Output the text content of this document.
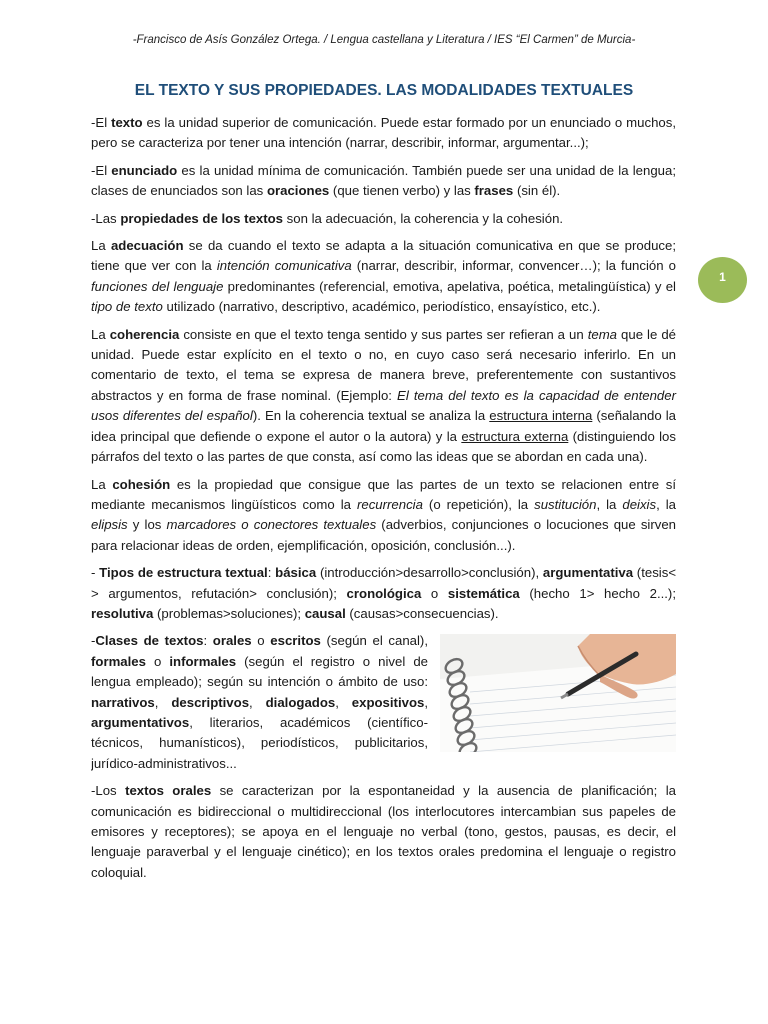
-Francisco de Asís González Ortega. / Lengua castellana y Literatura / IES “El Carmen” de Murcia-
EL TEXTO Y SUS PROPIEDADES. LAS MODALIDADES TEXTUALES
1

-El texto es la unidad superior de comunicación. Puede estar formado por un enunciado o muchos, pero se caracteriza por tener una intención (narrar, describir, informar, argumentar...);

-El enunciado es la unidad mínima de comunicación. También puede ser una unidad de la lengua; clases de enunciados son las oraciones (que tienen verbo) y las frases (sin él).

-Las propiedades de los textos son la adecuación, la coherencia y la cohesión.

La adecuación se da cuando el texto se adapta a la situación comunicativa en que se produce; tiene que ver con la intención comunicativa (narrar, describir, informar, convencer…); la función o funciones del lenguaje predominantes (referencial, emotiva, apelativa, poética, metalingüística) y el tipo de texto utilizado (narrativo, descriptivo, académico, periodístico, ensayístico, etc.).

La coherencia consiste en que el texto tenga sentido y sus partes ser refieran a un tema que le dé unidad. Puede estar explícito en el texto o no, en cuyo caso será necesario inferirlo. En un comentario de texto, el tema se expresa de manera breve, preferentemente con sustantivos abstractos y en forma de frase nominal. (Ejemplo: El tema del texto es la capacidad de entender usos diferentes del español). En la coherencia textual se analiza la estructura interna (señalando la idea principal que defiende o expone el autor o la autora) y la estructura externa (distinguiendo los párrafos del texto o las partes de que consta, así como las ideas que se abordan en cada una).

La cohesión es la propiedad que consigue que las partes de un texto se relacionen entre sí mediante mecanismos lingüísticos como la recurrencia (o repetición), la sustitución, la deixis, la elipsis y los marcadores o conectores textuales (adverbios, conjunciones o locuciones que sirven para relacionar ideas de orden, ejemplificación, oposición, conclusión...).

- Tipos de estructura textual: básica (introducción>desarrollo>conclusión), argumentativa (tesis< > argumentos, refutación> conclusión); cronológica o sistemática (hecho 1> hecho 2...); resolutiva (problemas>soluciones); causal (causas>consecuencias).

-Clases de textos: orales o escritos (según el canal), formales o informales (según el registro o nivel de lengua empleado); según su intención o ámbito de uso: narrativos, descriptivos, dialogados, expositivos, argumentativos, literarios, académicos (científico-técnicos, humanísticos), periodísticos, publicitarios, jurídico-administrativos...

-Los textos orales se caracterizan por la espontaneidad y la ausencia de planificación; la comunicación es bidireccional o multidireccional (los interlocutores intercambian sus papeles de emisores y receptores); se apoya en el lenguaje no verbal (tono, gestos, pausas, es decir, el lenguaje paraverbal y el lenguaje cinético); en los textos orales predomina el lenguaje o registro coloquial.
